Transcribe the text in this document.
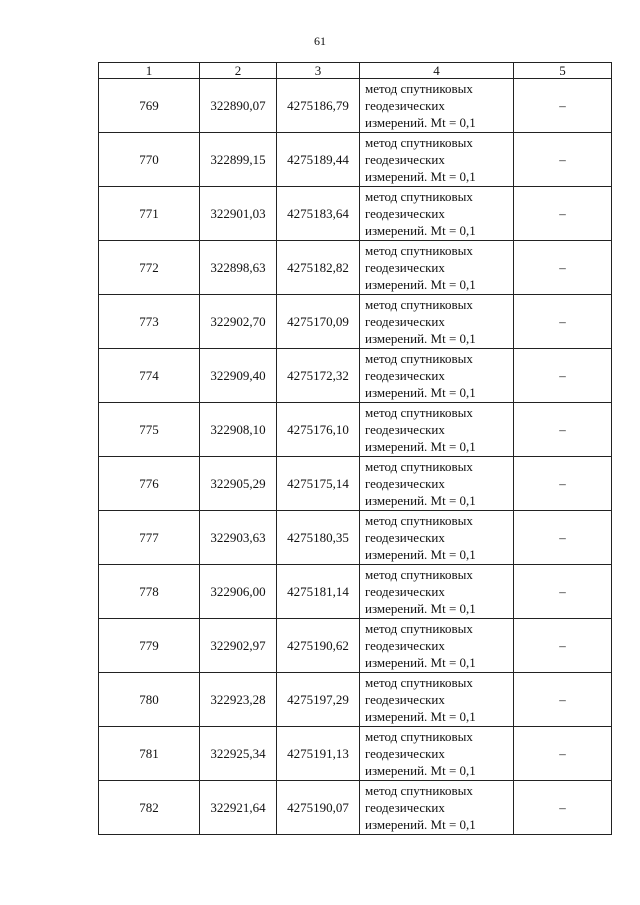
61
1	2	3	4	5
769	322890,07	4275186,79	метод спутниковых
геодезических
измерений. Mt = 0,1	–
770	322899,15	4275189,44	метод спутниковых
геодезических
измерений. Mt = 0,1	–
771	322901,03	4275183,64	метод спутниковых
геодезических
измерений. Mt = 0,1	–
772	322898,63	4275182,82	метод спутниковых
геодезических
измерений. Mt = 0,1	–
773	322902,70	4275170,09	метод спутниковых
геодезических
измерений. Mt = 0,1	–
774	322909,40	4275172,32	метод спутниковых
геодезических
измерений. Mt = 0,1	–
775	322908,10	4275176,10	метод спутниковых
геодезических
измерений. Mt = 0,1	–
776	322905,29	4275175,14	метод спутниковых
геодезических
измерений. Mt = 0,1	–
777	322903,63	4275180,35	метод спутниковых
геодезических
измерений. Mt = 0,1	–
778	322906,00	4275181,14	метод спутниковых
геодезических
измерений. Mt = 0,1	–
779	322902,97	4275190,62	метод спутниковых
геодезических
измерений. Mt = 0,1	–
780	322923,28	4275197,29	метод спутниковых
геодезических
измерений. Mt = 0,1	–
781	322925,34	4275191,13	метод спутниковых
геодезических
измерений. Mt = 0,1	–
782	322921,64	4275190,07	метод спутниковых
геодезических
измерений. Mt = 0,1	–
